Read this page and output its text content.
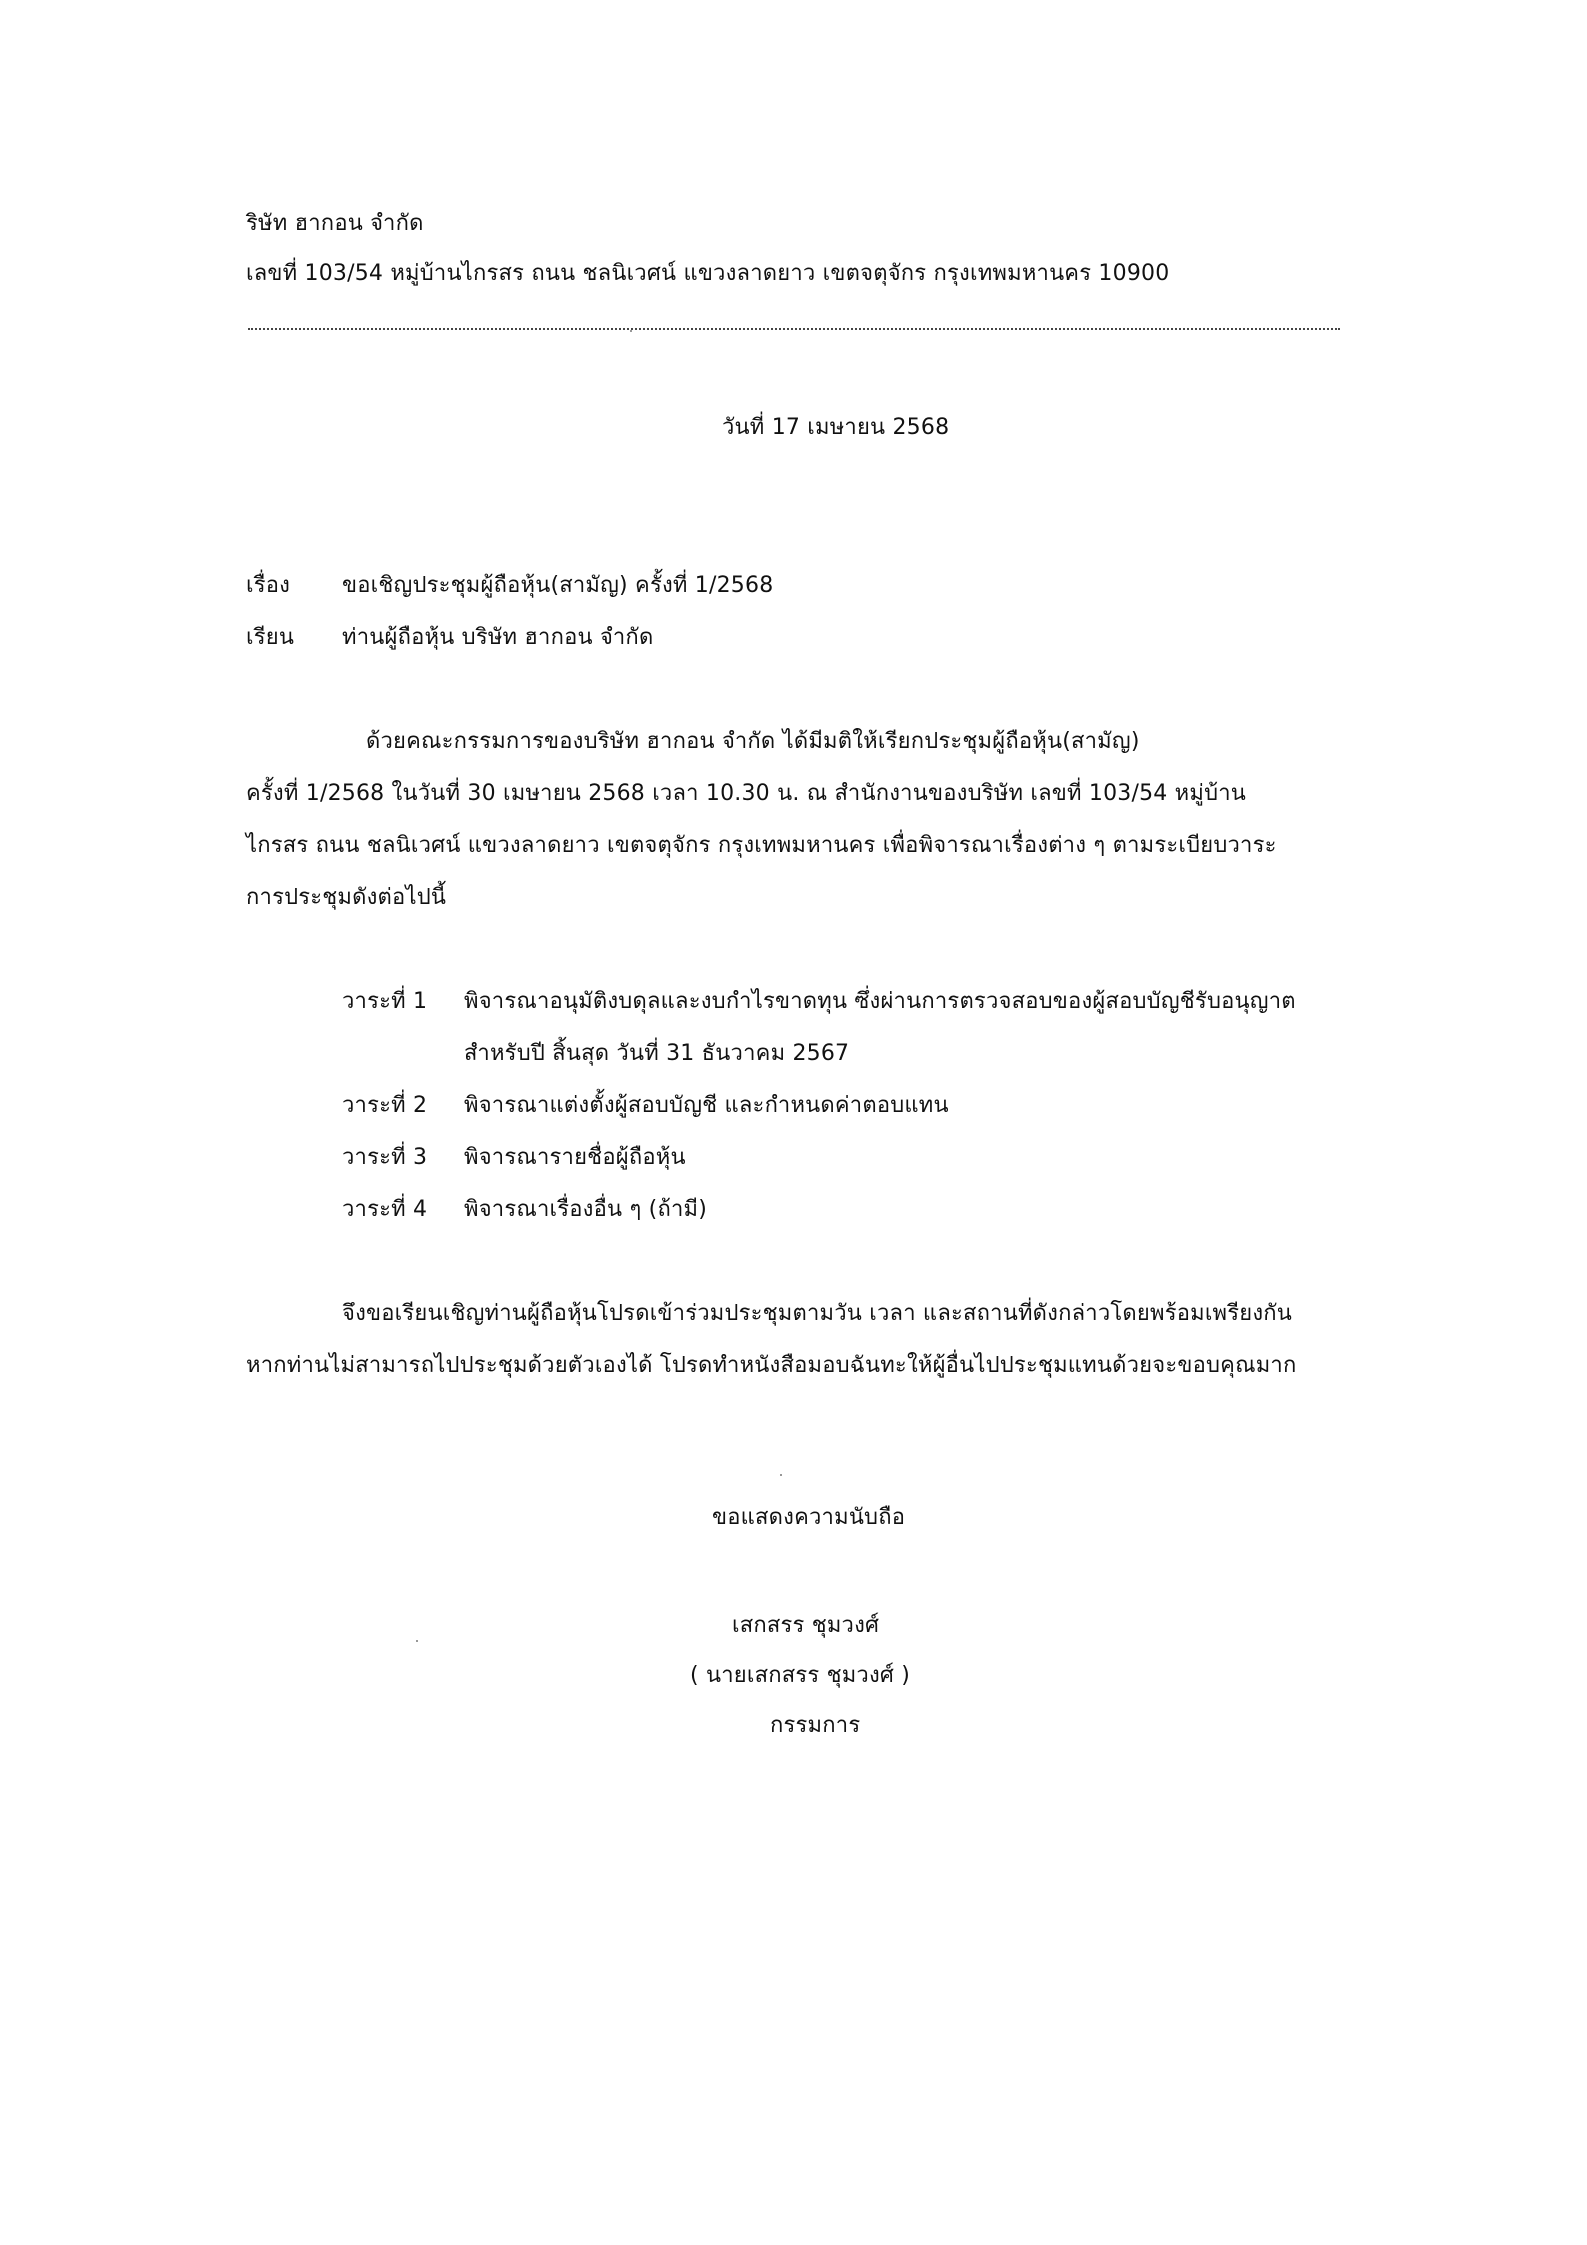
ริษัท ฮากอน จำกัด
เลขที่ 103/54 หมู่บ้านไกรสร ถนน ชลนิเวศน์ แขวงลาดยาว เขตจตุจักร กรุงเทพมหานคร 10900
วันที่ 17 เมษายน 2568
เรื่อง ขอเชิญประชุมผู้ถือหุ้น(สามัญ) ครั้งที่ 1/2568
เรียน ท่านผู้ถือหุ้น บริษัท ฮากอน จำกัด
ด้วยคณะกรรมการของบริษัท ฮากอน จำกัด ได้มีมติให้เรียกประชุมผู้ถือหุ้น(สามัญ)
ครั้งที่ 1/2568 ในวันที่ 30 เมษายน 2568 เวลา 10.30 น. ณ สำนักงานของบริษัท เลขที่ 103/54 หมู่บ้าน
ไกรสร ถนน ชลนิเวศน์ แขวงลาดยาว เขตจตุจักร กรุงเทพมหานคร เพื่อพิจารณาเรื่องต่าง ๆ ตามระเบียบวาระ
การประชุมดังต่อไปนี้
วาระที่ 1 พิจารณาอนุมัติงบดุลและงบกำไรขาดทุน ซึ่งผ่านการตรวจสอบของผู้สอบบัญชีรับอนุญาต
สำหรับปี สิ้นสุด วันที่ 31 ธันวาคม 2567
วาระที่ 2 พิจารณาแต่งตั้งผู้สอบบัญชี และกำหนดค่าตอบแทน
วาระที่ 3 พิจารณารายชื่อผู้ถือหุ้น
วาระที่ 4 พิจารณาเรื่องอื่น ๆ (ถ้ามี)
จึงขอเรียนเชิญท่านผู้ถือหุ้นโปรดเข้าร่วมประชุมตามวัน เวลา และสถานที่ดังกล่าวโดยพร้อมเพรียงกัน
หากท่านไม่สามารถไปประชุมด้วยตัวเองได้ โปรดทำหนังสือมอบฉันทะให้ผู้อื่นไปประชุมแทนด้วยจะขอบคุณมาก
ขอแสดงความนับถือ
เสกสรร ชุมวงศ์
( นายเสกสรร ชุมวงศ์ )
กรรมการ
